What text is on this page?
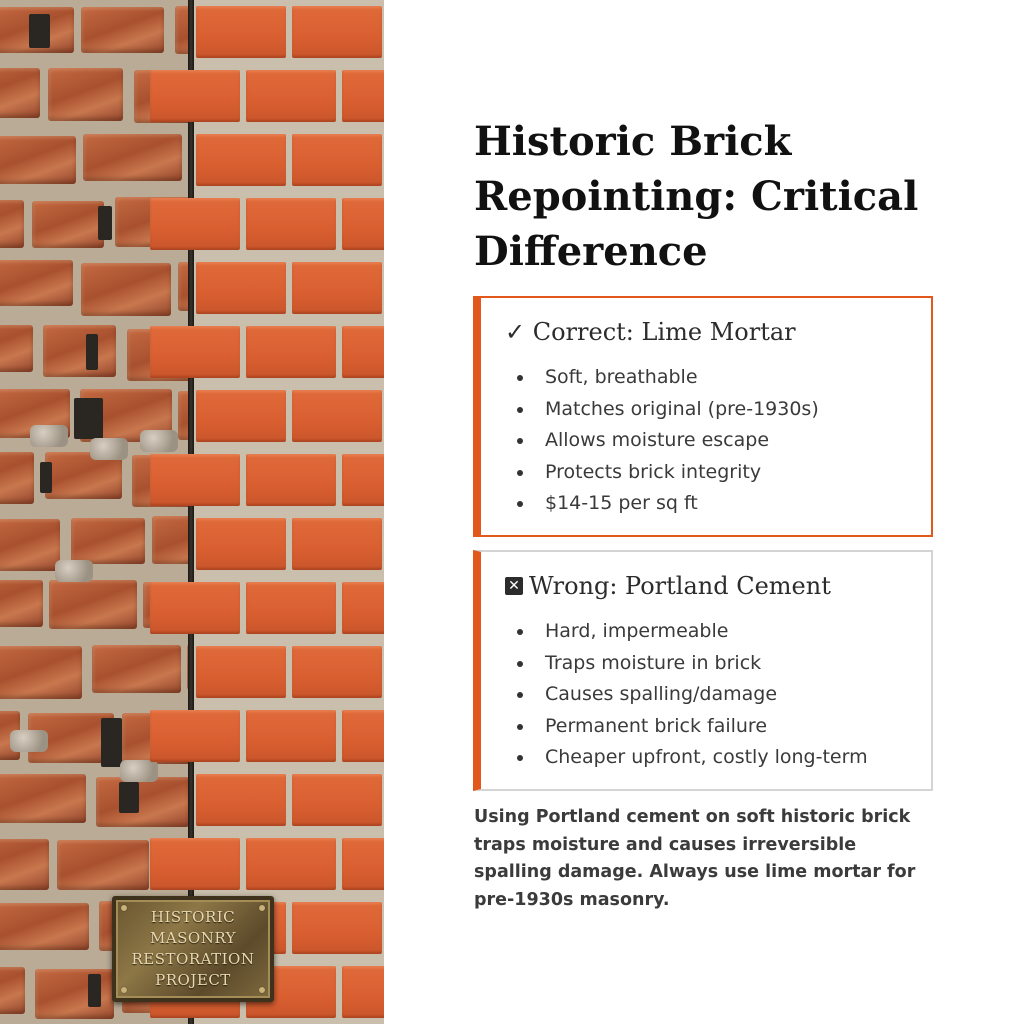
HISTORIC
MASONRY
RESTORATION
PROJECT
Historic Brick Repointing: Critical Difference
✓ Correct: Lime Mortar
Soft, breathable
Matches original (pre-1930s)
Allows moisture escape
Protects brick integrity
$14-15 per sq ft
✕ Wrong: Portland Cement
Hard, impermeable
Traps moisture in brick
Causes spalling/damage
Permanent brick failure
Cheaper upfront, costly long-term

Using Portland cement on soft historic brick traps moisture and causes irreversible spalling damage. Always use lime mortar for pre-1930s masonry.
